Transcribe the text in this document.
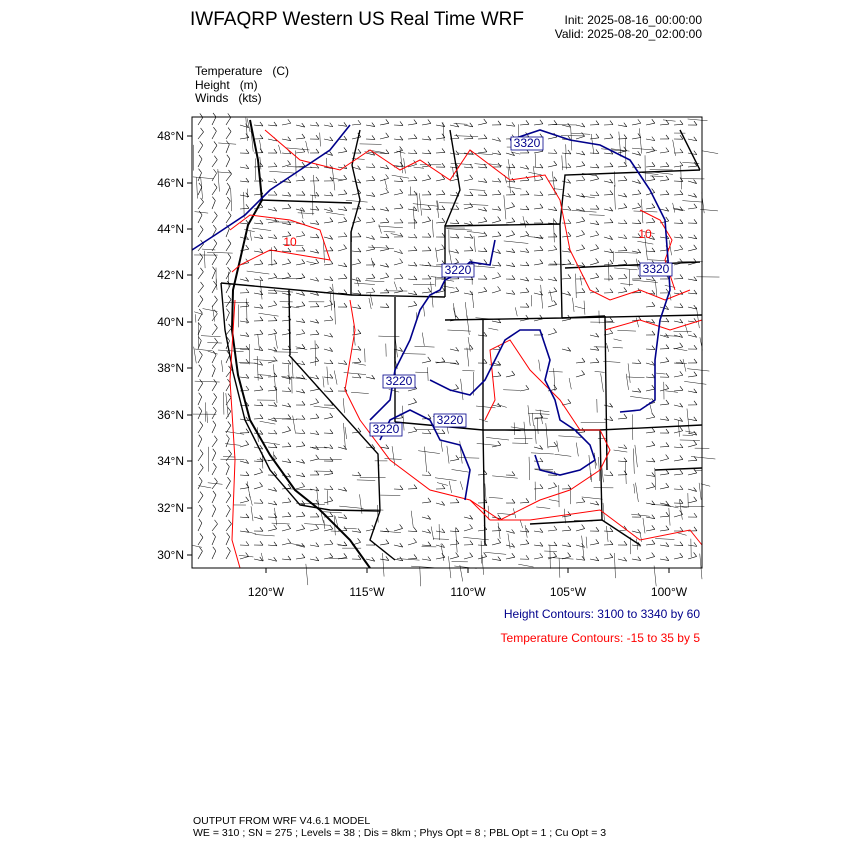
IWFAQRP Western US Real Time WRF	Init: 2025-08-16_00:00:00
Valid: 2025-08-20_02:00:00
Temperature   (C)
Height   (m)
Winds   (kts)
3320
3320
3220
3220
3220
3220
10
10
48°N
46°N
44°N
42°N
40°N
38°N
36°N
34°N
32°N
30°N
120°W	115°W	110°W	105°W	100°W
Height Contours: 3100 to 3340 by 60
Temperature Contours: -15 to 35 by 5
OUTPUT FROM WRF V4.6.1 MODEL
WE = 310 ; SN = 275 ; Levels = 38 ; Dis = 8km ; Phys Opt = 8 ; PBL Opt = 1 ; Cu Opt = 3
